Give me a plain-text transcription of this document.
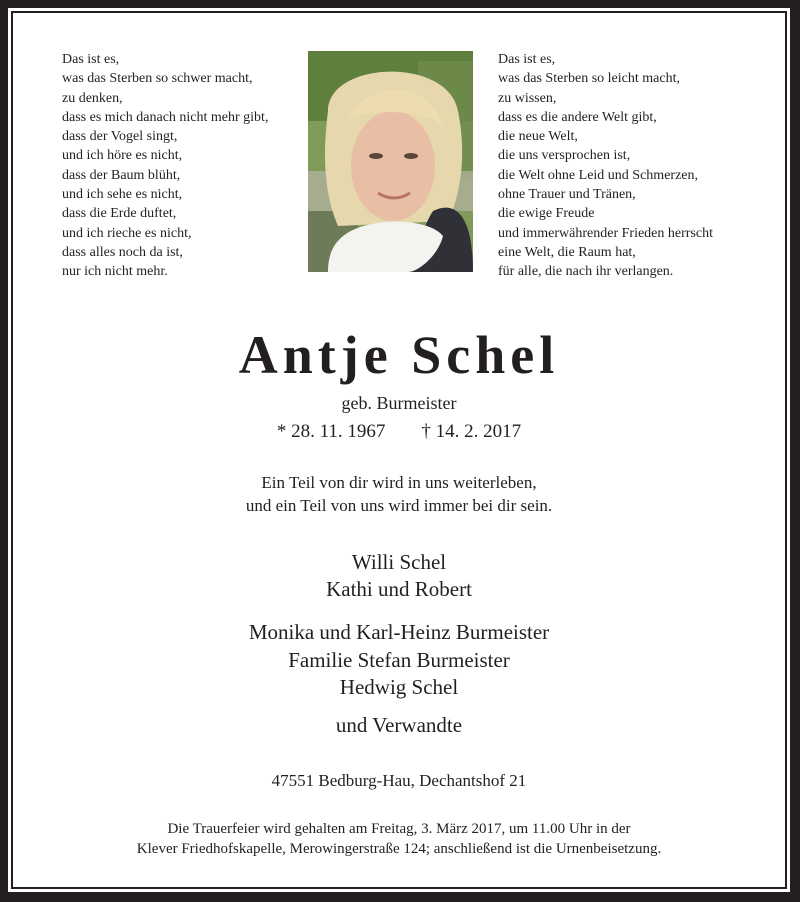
Das ist es,
was das Sterben so schwer macht,
zu denken,
dass es mich danach nicht mehr gibt,
dass der Vogel singt,
und ich höre es nicht,
dass der Baum blüht,
und ich sehe es nicht,
dass die Erde duftet,
und ich rieche es nicht,
dass alles noch da ist,
nur ich nicht mehr.
Das ist es,
was das Sterben so leicht macht,
zu wissen,
dass es die andere Welt gibt,
die neue Welt,
die uns versprochen ist,
die Welt ohne Leid und Schmerzen,
ohne Trauer und Tränen,
die ewige Freude
und immerwährender Frieden herrscht
eine Welt, die Raum hat,
für alle, die nach ihr verlangen.
Antje Schel
geb. Burmeister
* 28. 11. 1967 † 14. 2. 2017
Ein Teil von dir wird in uns weiterleben,
und ein Teil von uns wird immer bei dir sein.
Willi Schel
Kathi und Robert
Monika und Karl-Heinz Burmeister
Familie Stefan Burmeister
Hedwig Schel
und Verwandte
47551 Bedburg-Hau, Dechantshof 21
Die Trauerfeier wird gehalten am Freitag, 3. März 2017, um 11.00 Uhr in der
Klever Friedhofskapelle, Merowingerstraße 124; anschließend ist die Urnenbeisetzung.
